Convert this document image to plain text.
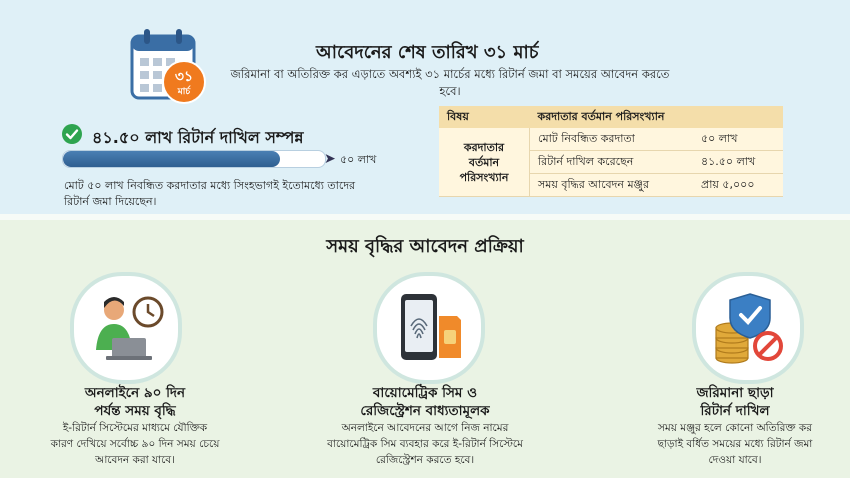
৩১
মার্চ
আবেদনের শেষ তারিখ ৩১ মার্চ
জরিমানা বা অতিরিক্ত কর এড়াতে অবশ্যই ৩১ মার্চের মধ্যে রিটার্ন জমা বা সময়ের আবেদন করতে হবে।
৪১.৫০ লাখ রিটার্ন দাখিল সম্পন্ন
➤ ৫০ লাখ
মোট ৫০ লাখ নিবন্ধিত করদাতার মধ্যে সিংহভাগই ইতোমধ্যে তাদের রিটার্ন জমা দিয়েছেন।
বিষয়	করদাতার বর্তমান পরিসংখ্যান	
করদাতার বর্তমান পরিসংখ্যান	মোট নিবন্ধিত করদাতা	৫০ লাখ
	রিটার্ন দাখিল করেছেন	৪১.৫০ লাখ
	সময় বৃদ্ধির আবেদন মঞ্জুর	প্রায় ৫,০০০
সময় বৃদ্ধির আবেদন প্রক্রিয়া
অনলাইনে ৯০ দিন
পর্যন্ত সময় বৃদ্ধি
ই-রিটার্ন সিস্টেমের মাধ্যমে যৌক্তিক
কারণ দেখিয়ে সর্বোচ্চ ৯০ দিন সময় চেয়ে
আবেদন করা যাবে।
বায়োমেট্রিক সিম ও
রেজিস্ট্রেশন বাধ্যতামূলক
অনলাইনে আবেদনের আগে নিজ নামের
বায়োমেট্রিক সিম ব্যবহার করে ই-রিটার্ন সিস্টেমে
রেজিস্ট্রেশন করতে হবে।
জরিমানা ছাড়া
রিটার্ন দাখিল
সময় মঞ্জুর হলে কোনো অতিরিক্ত কর
ছাড়াই বর্ধিত সময়ের মধ্যে রিটার্ন জমা
দেওয়া যাবে।
